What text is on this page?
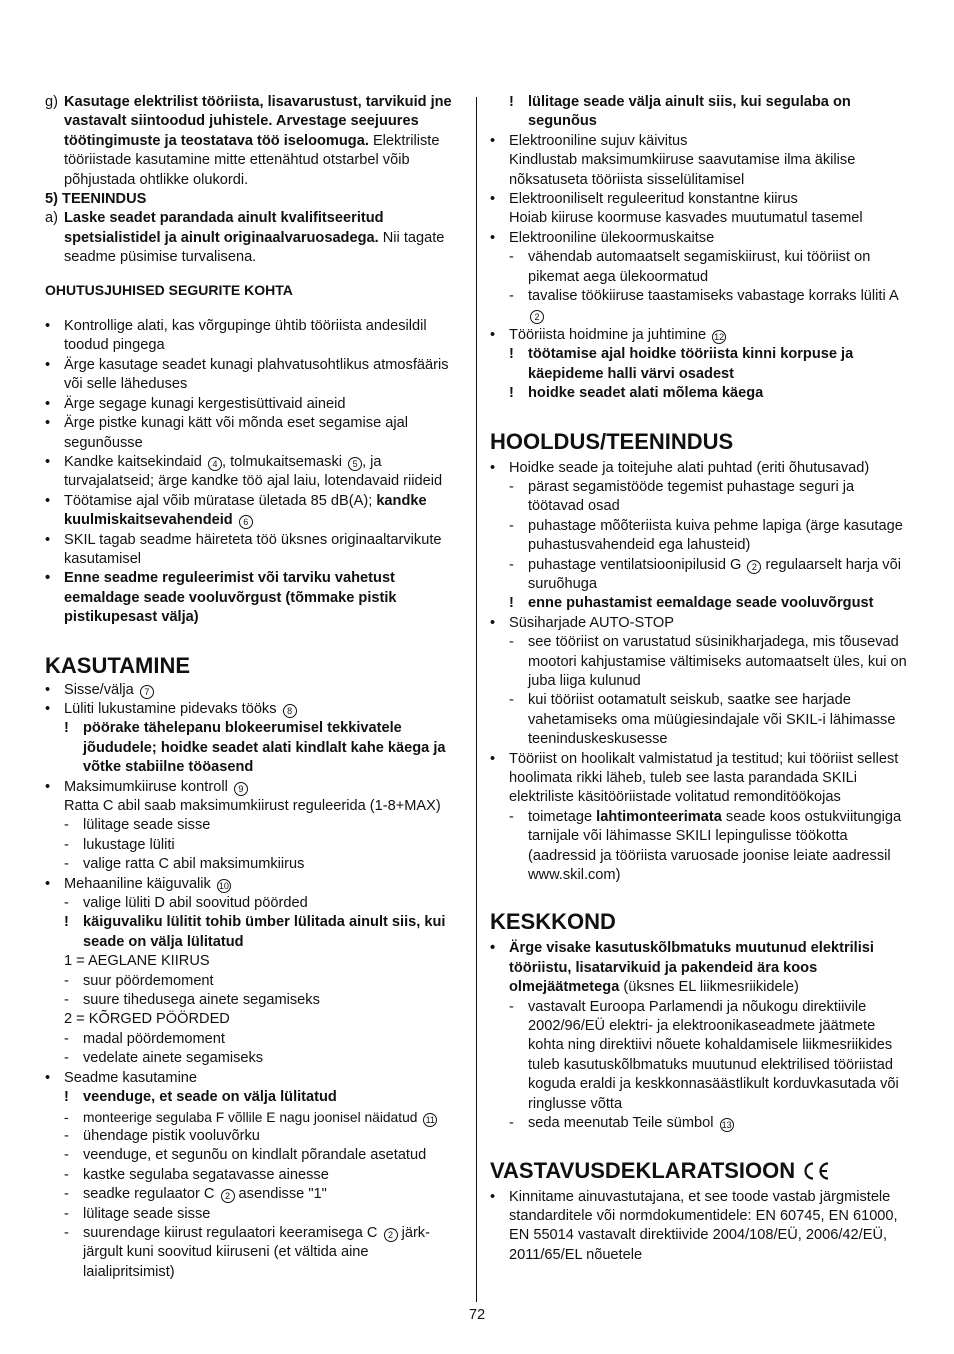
g) Kasutage elektrilist tööriista, lisavarustust, tarvikuid jne vastavalt siintoodud juhistele. Arvestage seejuures töötingimuste ja teostatava töö iseloomuga. Elektriliste tööriistade kasutamine mitte ettenähtud otstarbel võib põhjustada ohtlikke olukordi.
5) TEENINDUS
a) Laske seadet parandada ainult kvalifitseeritud spetsialistidel ja ainult originaalvaruosadega. Nii tagate seadme püsimise turvalisena.
OHUTUSJUHISED SEGURITE KOHTA
• Kontrollige alati, kas võrgupinge ühtib tööriista andesildil toodud pingega
• Ärge kasutage seadet kunagi plahvatusohtlikus atmosfääris või selle läheduses
• Ärge segage kunagi kergestisüttivaid aineid
• Ärge pistke kunagi kätt või mõnda eset segamise ajal segunõusse
• Kandke kaitsekindaid 4 , tolmukaitsemaski 5 , ja turvajalatseid; ärge kandke töö ajal laiu, lotendavaid riideid
• Töötamise ajal võib müratase ületada 85 dB(A); kandke kuulmiskaitsevahendeid 6
• SKIL tagab seadme häireteta töö üksnes originaaltarvikute kasutamisel
• Enne seadme reguleerimist või tarviku vahetust eemaldage seade vooluvõrgust (tõmmake pistik pistikupesast välja)
KASUTAMINE
• Sisse/välja 7
• Lüliti lukustamine pidevaks tööks 8
! pöörake tähelepanu blokeerumisel tekkivatele jõududele; hoidke seadet alati kindlalt kahe käega ja võtke stabiilne tööasend
• Maksimumkiiruse kontroll 9
Ratta C abil saab maksimumkiirust reguleerida (1-8+MAX)
- lülitage seade sisse
- lukustage lüliti
- valige ratta C abil maksimumkiirus
• Mehaaniline käiguvalik 10
- valige lüliti D abil soovitud pöörded
! käiguvaliku lülitit tohib ümber lülitada ainult siis, kui seade on välja lülitatud
1 = AEGLANE KIIRUS
- suur pöördemoment
- suure tihedusega ainete segamiseks
2 = KÕRGED PÖÖRDED
- madal pöördemoment
- vedelate ainete segamiseks
• Seadme kasutamine
! veenduge, et seade on välja lülitatud
- monteerige segulaba F võllile E nagu joonisel näidatud 11
- ühendage pistik vooluvõrku
- veenduge, et segunõu on kindlalt põrandale asetatud
- kastke segulaba segatavasse ainesse
- seadke regulaator C 2 asendisse "1"
- lülitage seade sisse
- suurendage kiirust regulaatori keeramisega C 2 järk-järgult kuni soovitud kiiruseni (et vältida aine laialipritsimist)
! lülitage seade välja ainult siis, kui segulaba on segunõus
• Elektrooniline sujuv käivitus
Kindlustab maksimumkiiruse saavutamise ilma äkilise nõksatuseta tööriista sisselülitamisel
• Elektrooniliselt reguleeritud konstantne kiirus
Hoiab kiiruse koormuse kasvades muutumatul tasemel
• Elektrooniline ülekoormuskaitse
- vähendab automaatselt segamiskiirust, kui tööriist on pikemat aega ülekoormatud
- tavalise töökiiruse taastamiseks vabastage korraks lüliti A 2
• Tööriista hoidmine ja juhtimine 12
! töötamise ajal hoidke tööriista kinni korpuse ja käepideme halli värvi osadest
! hoidke seadet alati mõlema käega
HOOLDUS/TEENINDUS
• Hoidke seade ja toitejuhe alati puhtad (eriti õhutusavad)
- pärast segamistööde tegemist puhastage seguri ja töötavad osad
- puhastage mõõteriista kuiva pehme lapiga (ärge kasutage puhastusvahendeid ega lahusteid)
- puhastage ventilatsioonipilusid G 2 regulaarselt harja või suruõhuga
! enne puhastamist eemaldage seade vooluvõrgust
• Süsiharjade AUTO-STOP
- see tööriist on varustatud süsinikharjadega, mis tõusevad mootori kahjustamise vältimiseks automaatselt üles, kui on juba liiga kulunud
- kui tööriist ootamatult seiskub, saatke see harjade vahetamiseks oma müügiesindajale või SKIL-i lähimasse teeninduskeskusesse
• Tööriist on hoolikalt valmistatud ja testitud; kui tööriist sellest hoolimata rikki läheb, tuleb see lasta parandada SKILi elektriliste käsitööriistade volitatud remonditöökojas
- toimetage lahtimonteerimata seade koos ostukviitungiga tarnijale või lähimasse SKILI lepingulisse töökotta (aadressid ja tööriista varuosade joonise leiate aadressil www.skil.com)
KESKKOND
• Ärge visake kasutuskõlbmatuks muutunud elektrilisi tööriistu, lisatarvikuid ja pakendeid ära koos olmejäätmetega (üksnes EL liikmesriikidele)
- vastavalt Euroopa Parlamendi ja nõukogu direktiivile 2002/96/EÜ elektri- ja elektroonikaseadmete jäätmete kohta ning direktiivi nõuete kohaldamisele liikmesriikides tuleb kasutuskõlbmatuks muutunud elektrilised tööriistad koguda eraldi ja keskkonnasäästlikult korduvkasutada või ringlusse võtta
- seda meenutab Teile sümbol 13
VASTAVUSDEKLARATSIOON
• Kinnitame ainuvastutajana, et see toode vastab järgmistele standarditele või normdokumentidele: EN 60745, EN 61000, EN 55014 vastavalt direktiivide 2004/108/EÜ, 2006/42/EÜ, 2011/65/EL nõuetele
72
